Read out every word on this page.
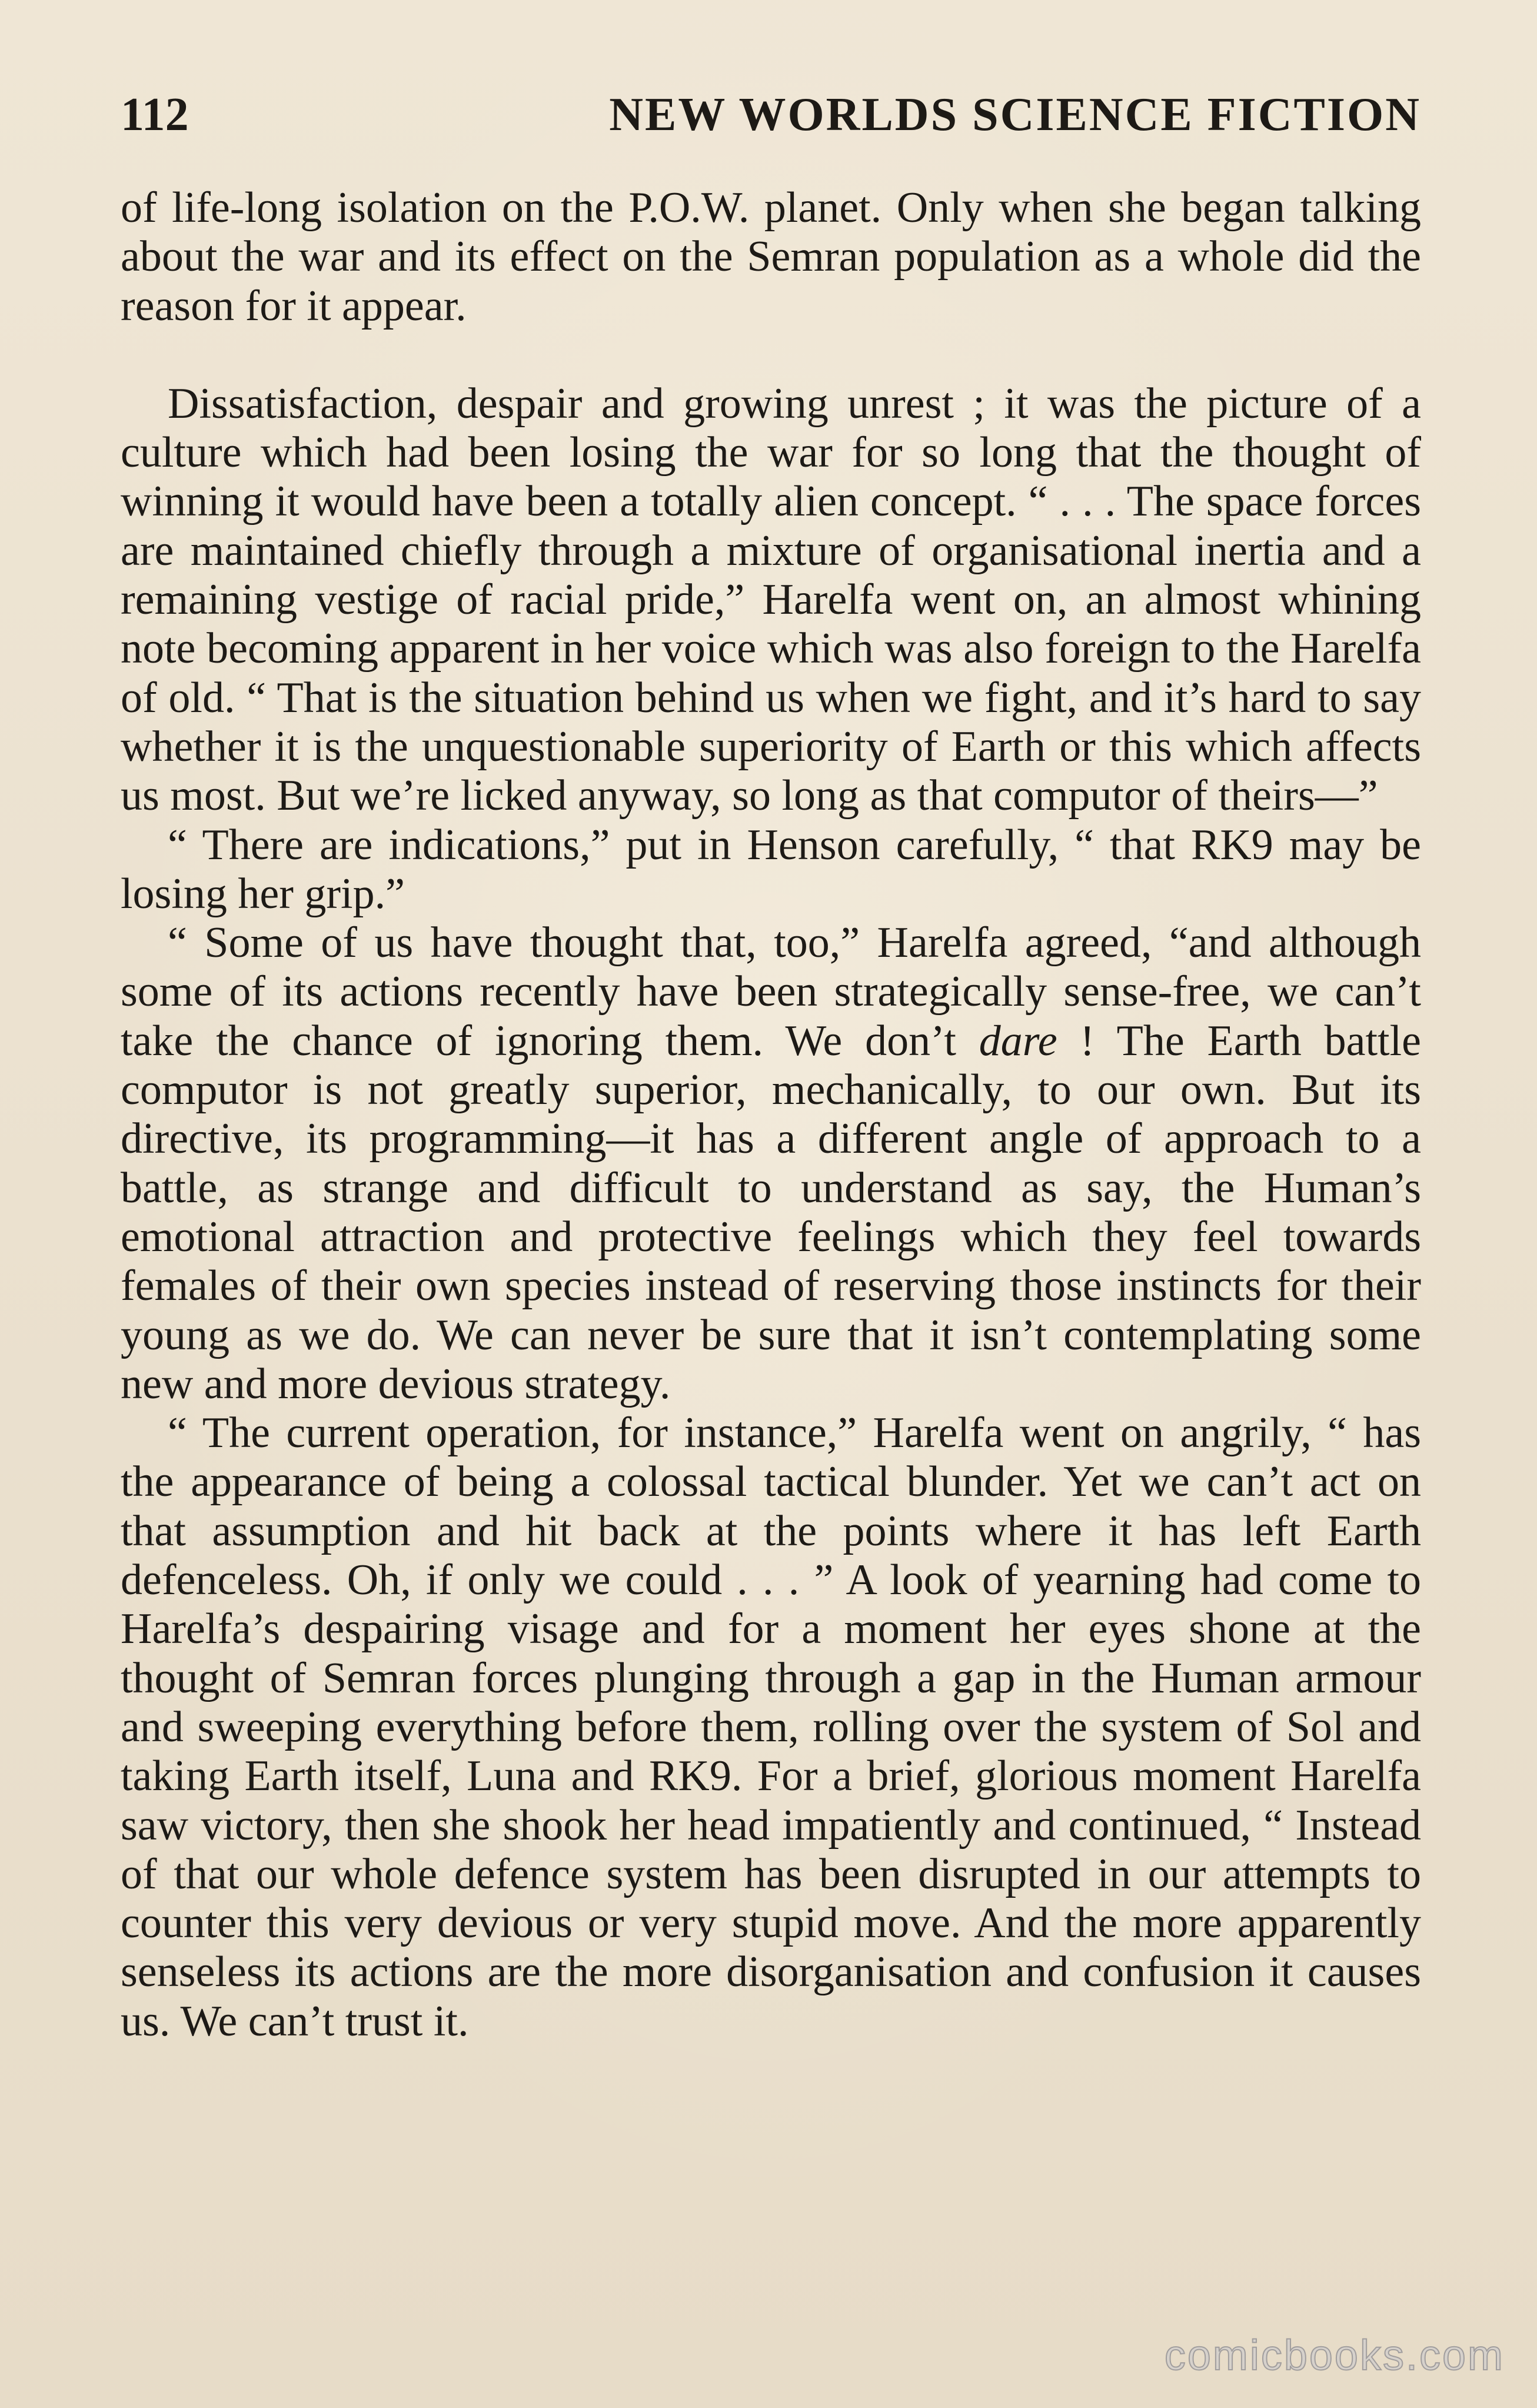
112	NEW WORLDS SCIENCE FICTION

of life-long isolation on the P.O.W. planet. Only when she began talking about the war and its effect on the Semran population as a whole did the reason for it appear.

Dissatisfaction, despair and growing unrest ; it was the picture of a culture which had been losing the war for so long that the thought of winning it would have been a totally alien concept. “ . . . The space forces are maintained chiefly through a mixture of organisational inertia and a remaining vestige of racial pride,” Harelfa went on, an almost whining note becoming apparent in her voice which was also foreign to the Harelfa of old. “ That is the situation behind us when we fight, and it’s hard to say whether it is the unquestionable superiority of Earth or this which affects us most. But we’re licked anyway, so long as that computor of theirs—”

“ There are indications,” put in Henson carefully, “ that RK9 may be losing her grip.”

“ Some of us have thought that, too,” Harelfa agreed, “and although some of its actions recently have been strategically sense-free, we can’t take the chance of ignoring them. We don’t dare ! The Earth battle computor is not greatly superior, mechanically, to our own. But its directive, its programming—it has a different angle of approach to a battle, as strange and difficult to understand as say, the Human’s emotional attraction and protective feelings which they feel towards females of their own species instead of reserving those instincts for their young as we do. We can never be sure that it isn’t contemplating some new and more devious strategy.

“ The current operation, for instance,” Harelfa went on angrily, “ has the appearance of being a colossal tactical blunder. Yet we can’t act on that assumption and hit back at the points where it has left Earth defenceless. Oh, if only we could . . . ” A look of yearning had come to Harelfa’s despairing visage and for a moment her eyes shone at the thought of Semran forces plunging through a gap in the Human armour and sweeping everything before them, rolling over the system of Sol and taking Earth itself, Luna and RK9. For a brief, glorious moment Harelfa saw victory, then she shook her head impatiently and continued, “ Instead of that our whole defence system has been disrupted in our attempts to counter this very devious or very stupid move. And the more apparently senseless its actions are the more disorganisation and confusion it causes us. We can’t trust it.

comicbooks.com
